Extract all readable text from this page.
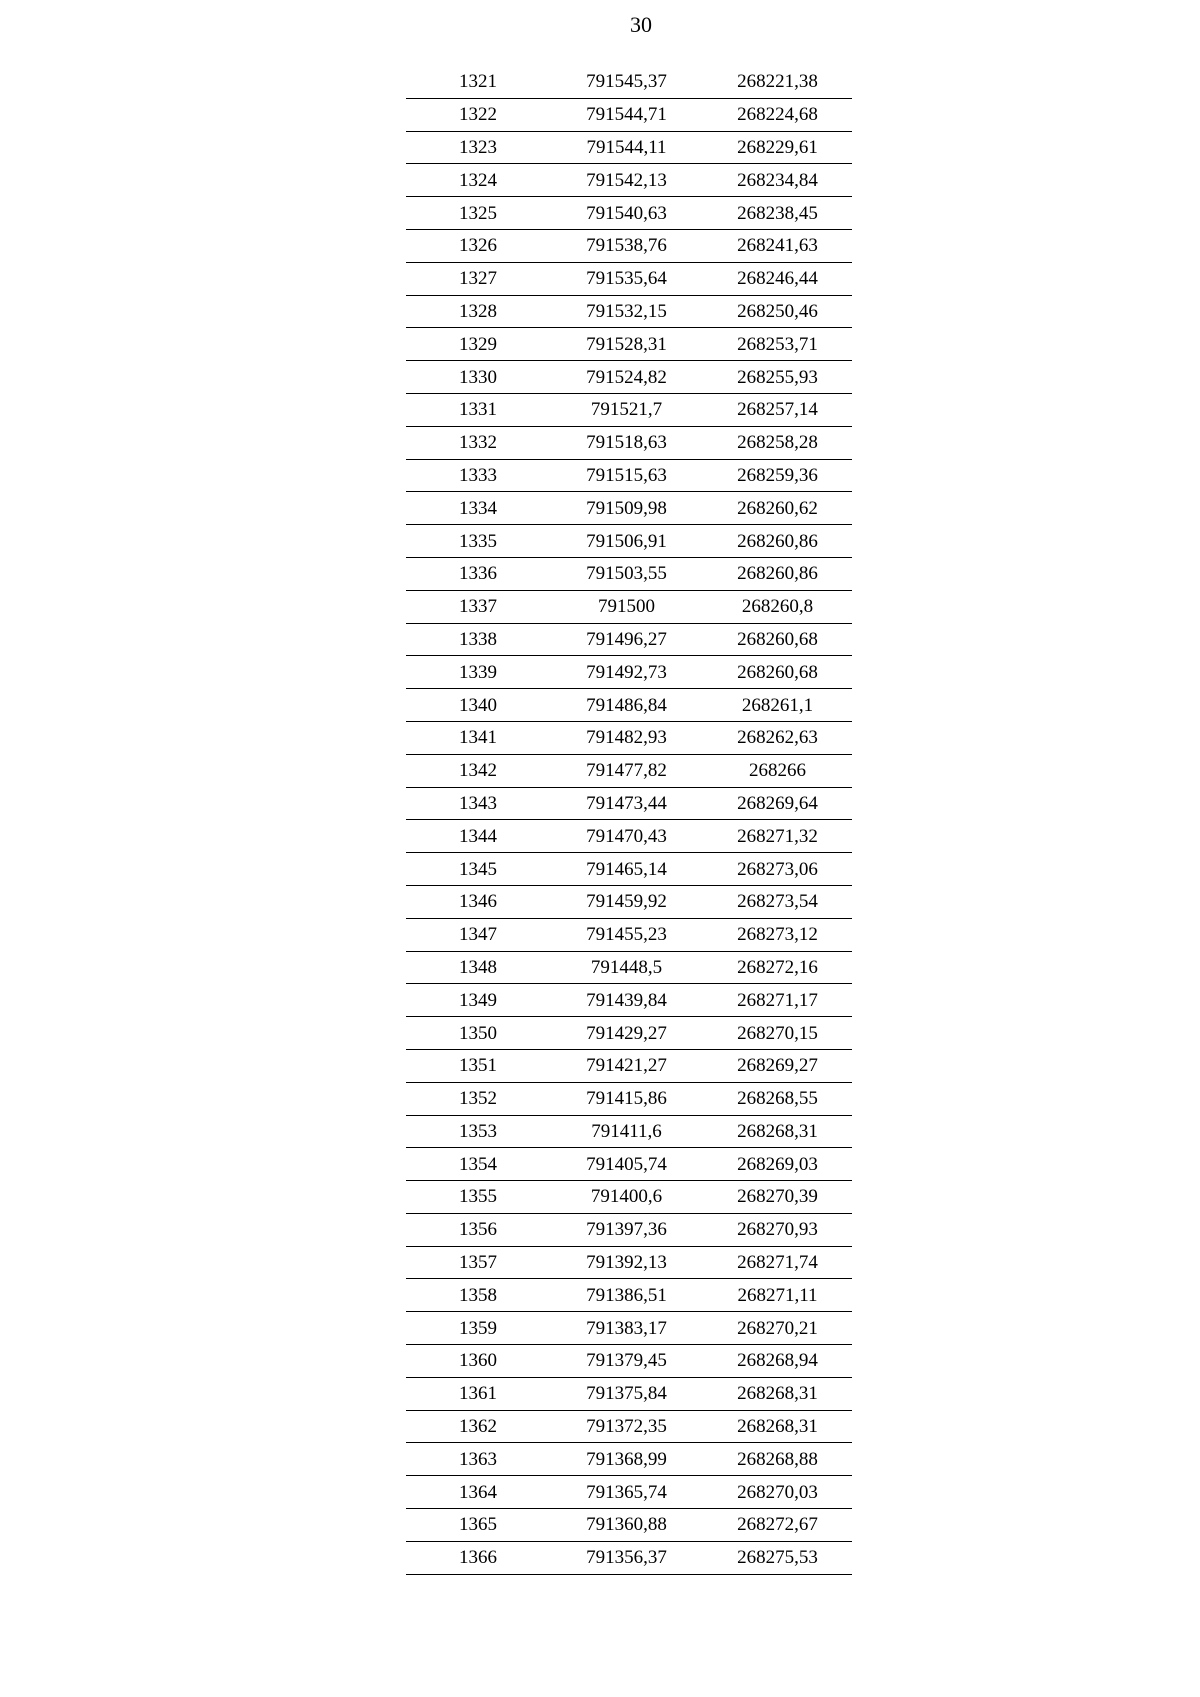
30
1321	791545,37	268221,38
1322	791544,71	268224,68
1323	791544,11	268229,61
1324	791542,13	268234,84
1325	791540,63	268238,45
1326	791538,76	268241,63
1327	791535,64	268246,44
1328	791532,15	268250,46
1329	791528,31	268253,71
1330	791524,82	268255,93
1331	791521,7	268257,14
1332	791518,63	268258,28
1333	791515,63	268259,36
1334	791509,98	268260,62
1335	791506,91	268260,86
1336	791503,55	268260,86
1337	791500	268260,8
1338	791496,27	268260,68
1339	791492,73	268260,68
1340	791486,84	268261,1
1341	791482,93	268262,63
1342	791477,82	268266
1343	791473,44	268269,64
1344	791470,43	268271,32
1345	791465,14	268273,06
1346	791459,92	268273,54
1347	791455,23	268273,12
1348	791448,5	268272,16
1349	791439,84	268271,17
1350	791429,27	268270,15
1351	791421,27	268269,27
1352	791415,86	268268,55
1353	791411,6	268268,31
1354	791405,74	268269,03
1355	791400,6	268270,39
1356	791397,36	268270,93
1357	791392,13	268271,74
1358	791386,51	268271,11
1359	791383,17	268270,21
1360	791379,45	268268,94
1361	791375,84	268268,31
1362	791372,35	268268,31
1363	791368,99	268268,88
1364	791365,74	268270,03
1365	791360,88	268272,67
1366	791356,37	268275,53
